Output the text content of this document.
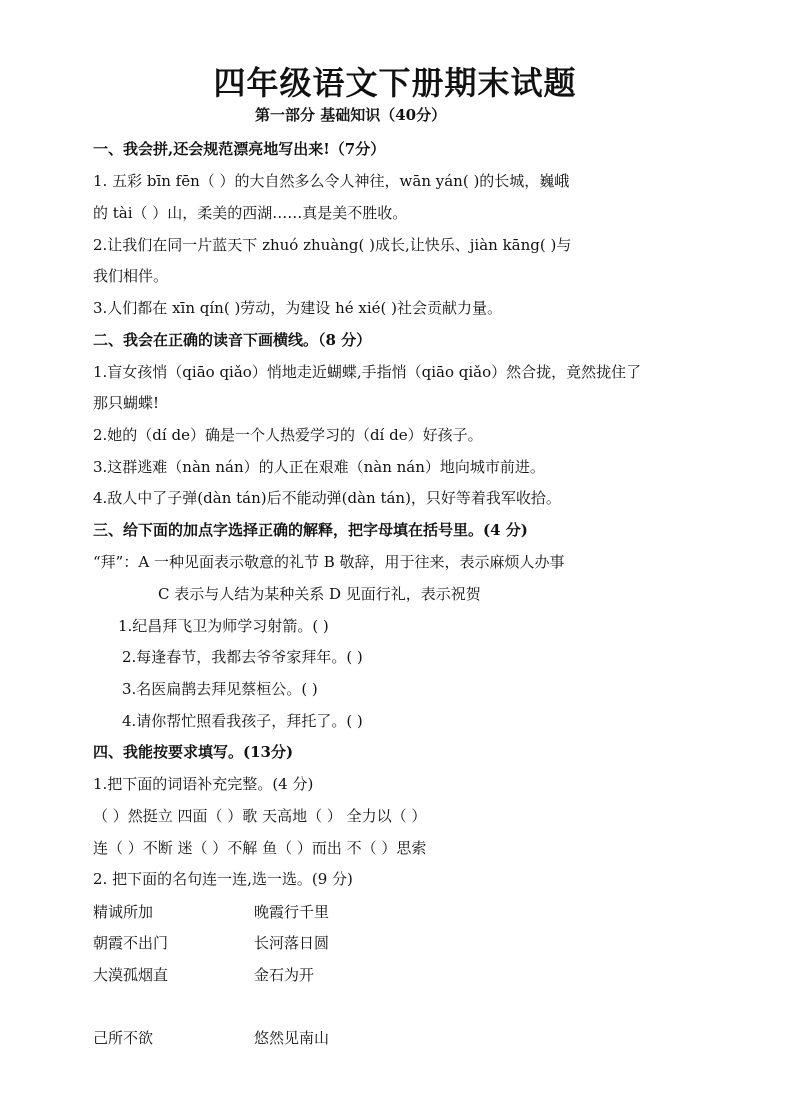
四年级语文下册期末试题
第一部分 基础知识（40分）
一、我会拼,还会规范漂亮地写出来!（7分）
1. 五彩 bīn fēn（ ）的大自然多么令人神往，wān yán( )的长城，巍峨
的 tài（ ）山，柔美的西湖……真是美不胜收。
2.让我们在同一片蓝天下 zhuó zhuàng( )成长,让快乐、jiàn kāng( )与
我们相伴。
3.人们都在 xīn qín( )劳动，为建设 hé xié( )社会贡献力量。
二、我会在正确的读音下画横线。（8 分）
1.盲女孩悄（qiāo qiǎo）悄地走近蝴蝶,手指悄（qiāo qiǎo）然合拢，竟然拢住了
那只蝴蝶!
2.她的（dí de）确是一个人热爱学习的（dí de）好孩子。
3.这群逃难（nàn nán）的人正在艰难（nàn nán）地向城市前进。
4.敌人中了子弹(dàn tán)后不能动弹(dàn tán)，只好等着我军收拾。
三、给下面的加点字选择正确的解释，把字母填在括号里。(4 分)
“拜”：A 一种见面表示敬意的礼节 B 敬辞，用于往来，表示麻烦人办事
C 表示与人结为某种关系 D 见面行礼，表示祝贺
1.纪昌拜飞卫为师学习射箭。( )
2.每逢春节，我都去爷爷家拜年。( )
3.名医扁鹊去拜见蔡桓公。( )
4.请你帮忙照看我孩子，拜托了。( )
四、我能按要求填写。(13分)
1.把下面的词语补充完整。(4 分)
（ ）然挺立 四面（ ）歌 天高地（ ） 全力以（ ）
连（ ）不断 迷（ ）不解 鱼（ ）而出 不（ ）思索
2. 把下面的名句连一连,选一选。(9 分)
精诚所加	晚霞行千里
朝霞不出门	长河落日圆
大漠孤烟直	金石为开
己所不欲	悠然见南山
